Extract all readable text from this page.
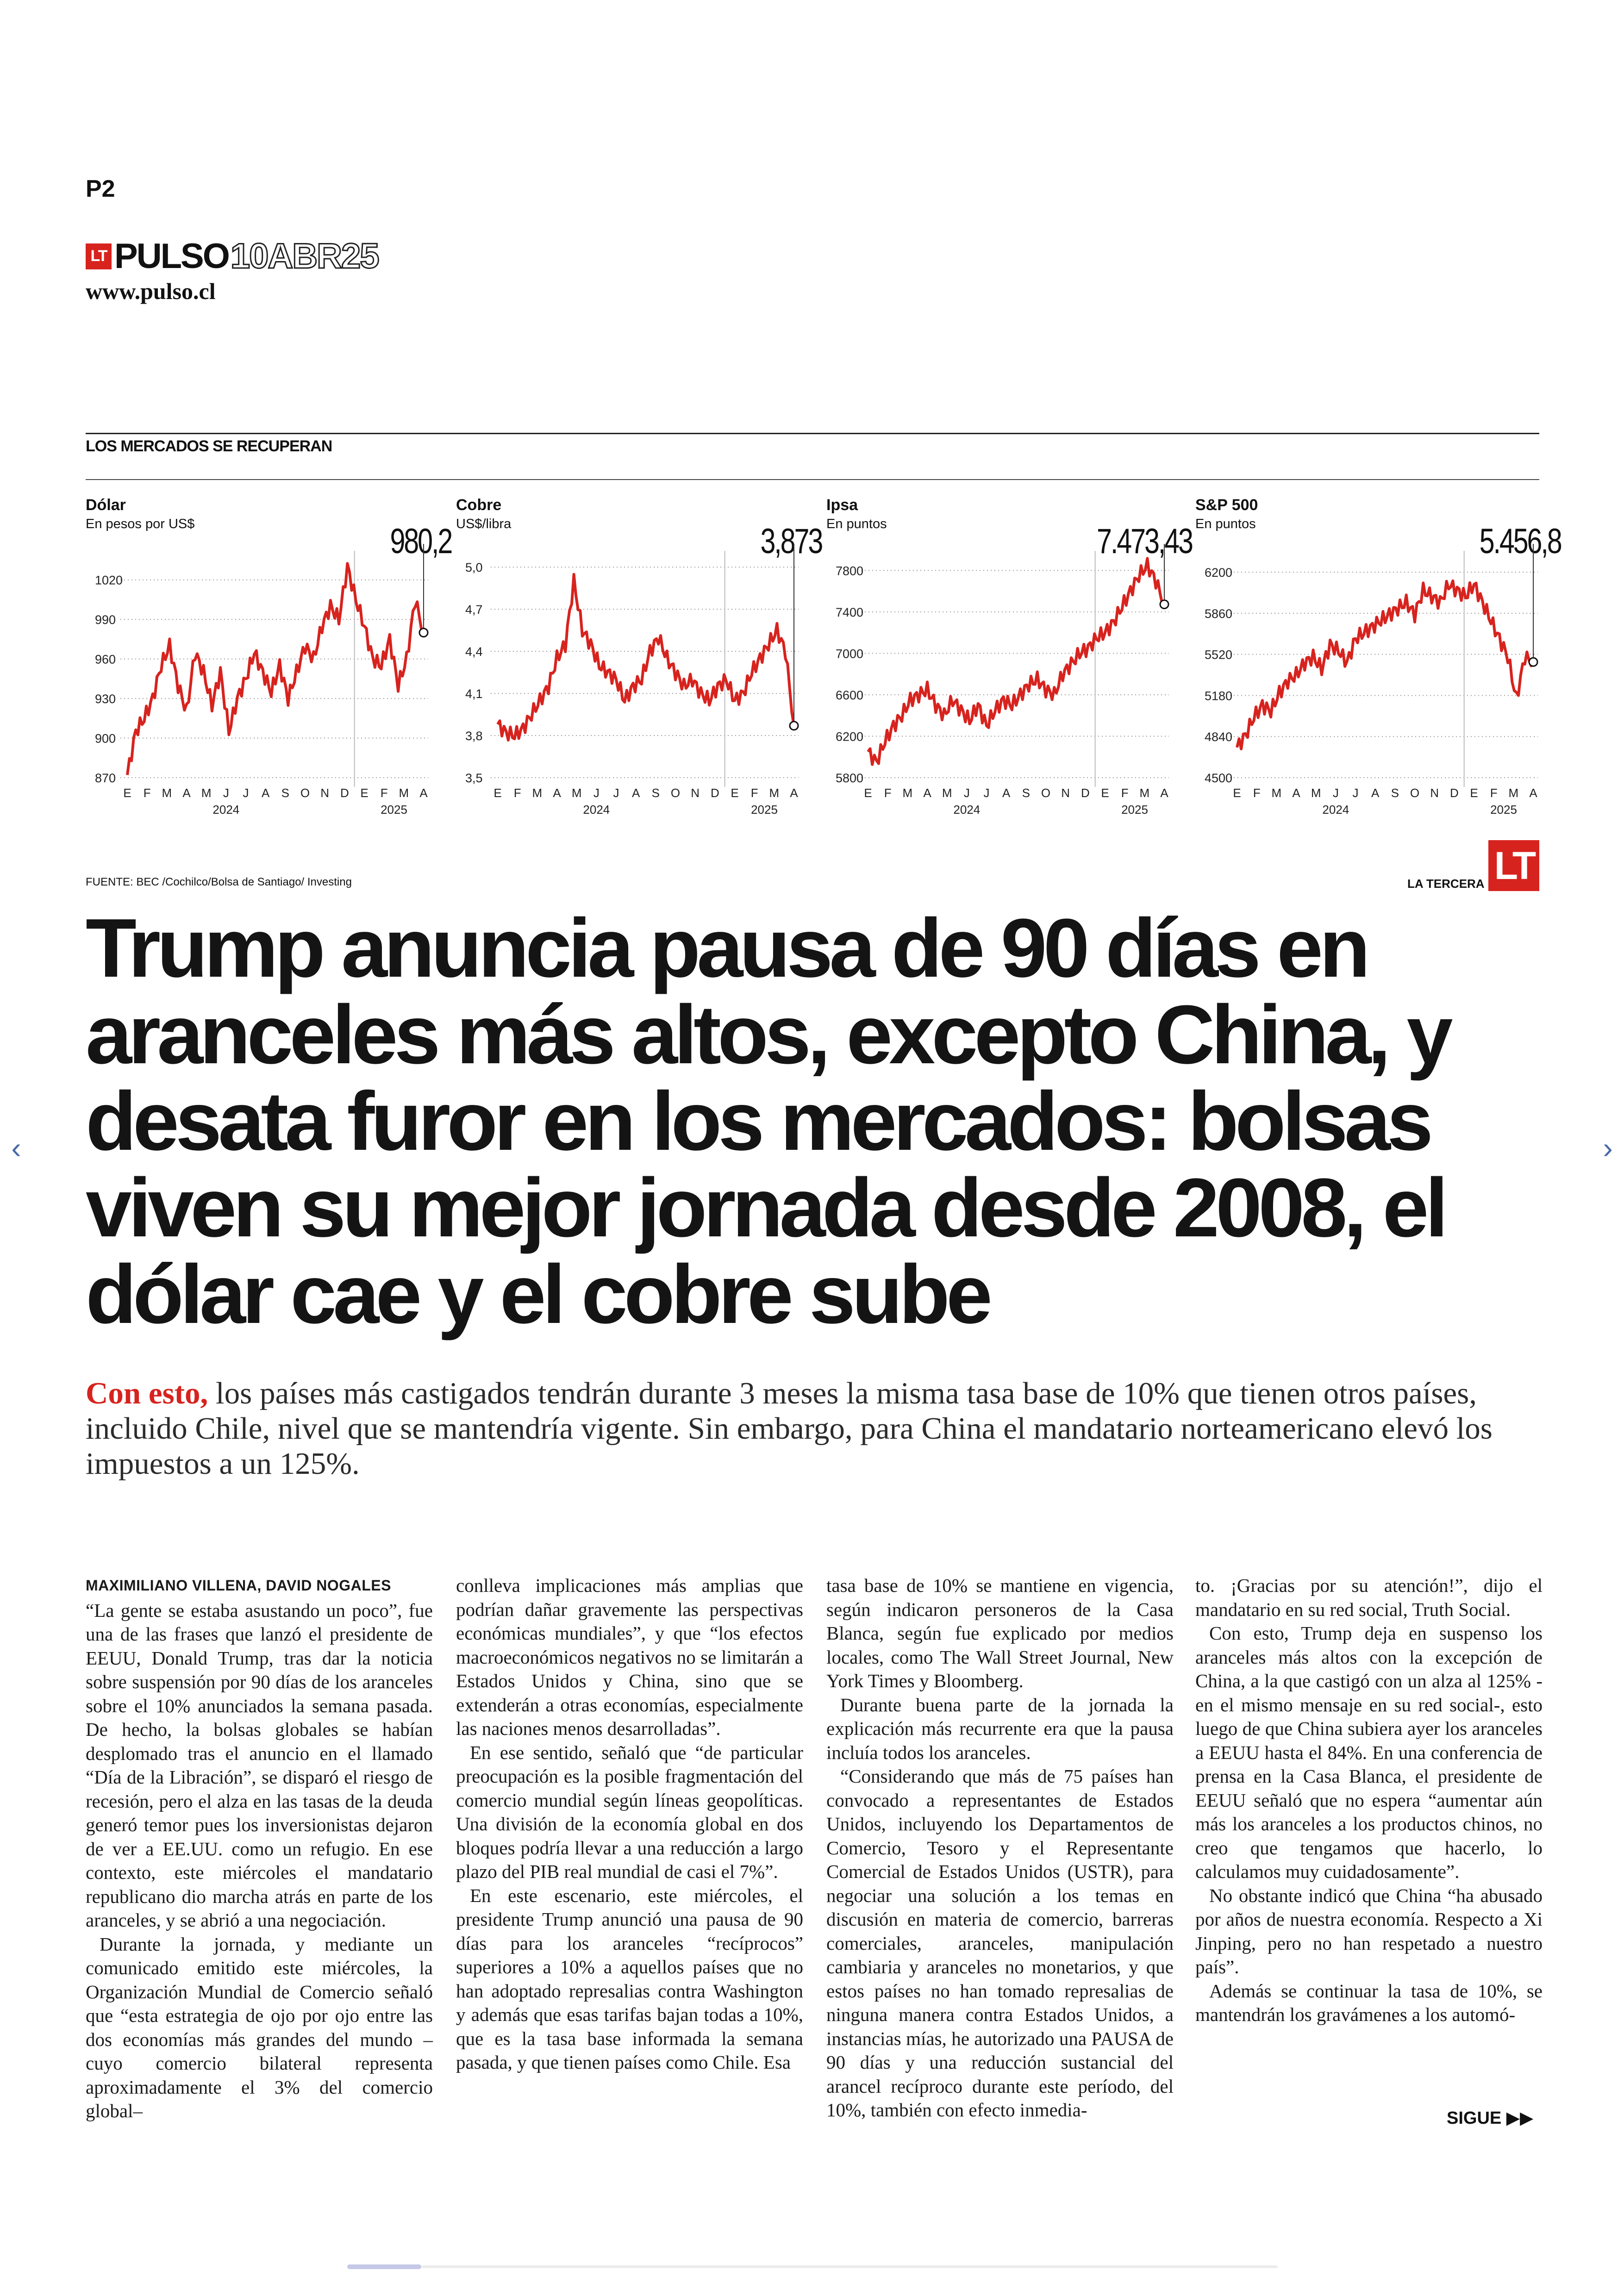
P2
LT PULSO 10ABR25
www.pulso.cl
LOS MERCADOS SE RECUPERAN
Dólar
En pesos por US$	980,2
870
900
930
960
990
1020
E F M A M J J A S O N D E F M A
2024	2025
Cobre
US$/libra	3,873
3,5
3,8
4,1
4,4
4,7
5,0
E F M A M J J A S O N D E F M A
2024	2025
Ipsa
En puntos	7.473,43
5800
6200
6600
7000
7400
7800
E F M A M J J A S O N D E F M A
2024	2025
S&P 500
En puntos	5.456,8
4500
4840
5180
5520
5860
6200
E F M A M J J A S O N D E F M A
2024	2025
FUENTE: BEC /Cochilco/Bolsa de Santiago/ Investing	LA TERCERA LT
Trump anuncia pausa de 90 días en aranceles más altos, excepto China, y desata furor en los mercados: bolsas viven su mejor jornada desde 2008, el dólar cae y el cobre sube

Con esto, los países más castigados tendrán durante 3 meses la misma tasa base de 10% que tienen otros países, incluido Chile, nivel que se mantendría vigente. Sin embargo, para China el mandatario norteamericano elevó los impuestos a un 125%.

MAXIMILIANO VILLENA, DAVID NOGALES

“La gente se estaba asustando un poco”, fue una de las frases que lanzó el presidente de EEUU, Donald Trump, tras dar la noticia sobre suspensión por 90 días de los aranceles sobre el 10% anunciados la semana pasada. De hecho, la bolsas globales se habían desplomado tras el anuncio en el llamado “Día de la Libración”, se disparó el riesgo de recesión, pero el alza en las tasas de la deuda generó temor pues los inversionistas dejaron de ver a EE.UU. como un refugio. En ese contexto, este miércoles el mandatario republicano dio marcha atrás en parte de los aranceles, y se abrió a una negociación.

Durante la jornada, y mediante un comunicado emitido este miércoles, la Organización Mundial de Comercio señaló que “esta estrategia de ojo por ojo entre las dos economías más grandes del mundo –cuyo comercio bilateral representa aproximadamente el 3% del comercio global–

conlleva implicaciones más amplias que podrían dañar gravemente las perspectivas económicas mundiales”, y que “los efectos macroeconómicos negativos no se limitarán a Estados Unidos y China, sino que se extenderán a otras economías, especialmente las naciones menos desarrolladas”.

En ese sentido, señaló que “de particular preocupación es la posible fragmentación del comercio mundial según líneas geopolíticas. Una división de la economía global en dos bloques podría llevar a una reducción a largo plazo del PIB real mundial de casi el 7%”.

En este escenario, este miércoles, el presidente Trump anunció una pausa de 90 días para los aranceles “recíprocos” superiores a 10% a aquellos países que no han adoptado represalias contra Washington y además que esas tarifas bajan todas a 10%, que es la tasa base informada la semana pasada, y que tienen países como Chile. Esa

tasa base de 10% se mantiene en vigencia, según indicaron personeros de la Casa Blanca, según fue explicado por medios locales, como The Wall Street Journal, New York Times y Bloomberg.

Durante buena parte de la jornada la explicación más recurrente era que la pausa incluía todos los aranceles.

“Considerando que más de 75 países han convocado a representantes de Estados Unidos, incluyendo los Departamentos de Comercio, Tesoro y el Representante Comercial de Estados Unidos (USTR), para negociar una solución a los temas en discusión en materia de comercio, barreras comerciales, aranceles, manipulación cambiaria y aranceles no monetarios, y que estos países no han tomado represalias de ninguna manera contra Estados Unidos, a instancias mías, he autorizado una PAUSA de 90 días y una reducción sustancial del arancel recíproco durante este período, del 10%, también con efecto inmedia-

to. ¡Gracias por su atención!”, dijo el mandatario en su red social, Truth Social.

Con esto, Trump deja en suspenso los aranceles más altos con la excepción de China, a la que castigó con un alza al 125% -en el mismo mensaje en su red social-, esto luego de que China subiera ayer los aranceles a EEUU hasta el 84%. En una conferencia de prensa en la Casa Blanca, el presidente de EEUU señaló que no espera “aumentar aún más los aranceles a los productos chinos, no creo que tengamos que hacerlo, lo calculamos muy cuidadosamente”.

No obstante indicó que China “ha abusado por años de nuestra economía. Respecto a Xi Jinping, pero no han respetado a nuestro país”.

Además se continuar la tasa de 10%, se mantendrán los gravámenes a los automó-

SIGUE ▶▶
‹	›
